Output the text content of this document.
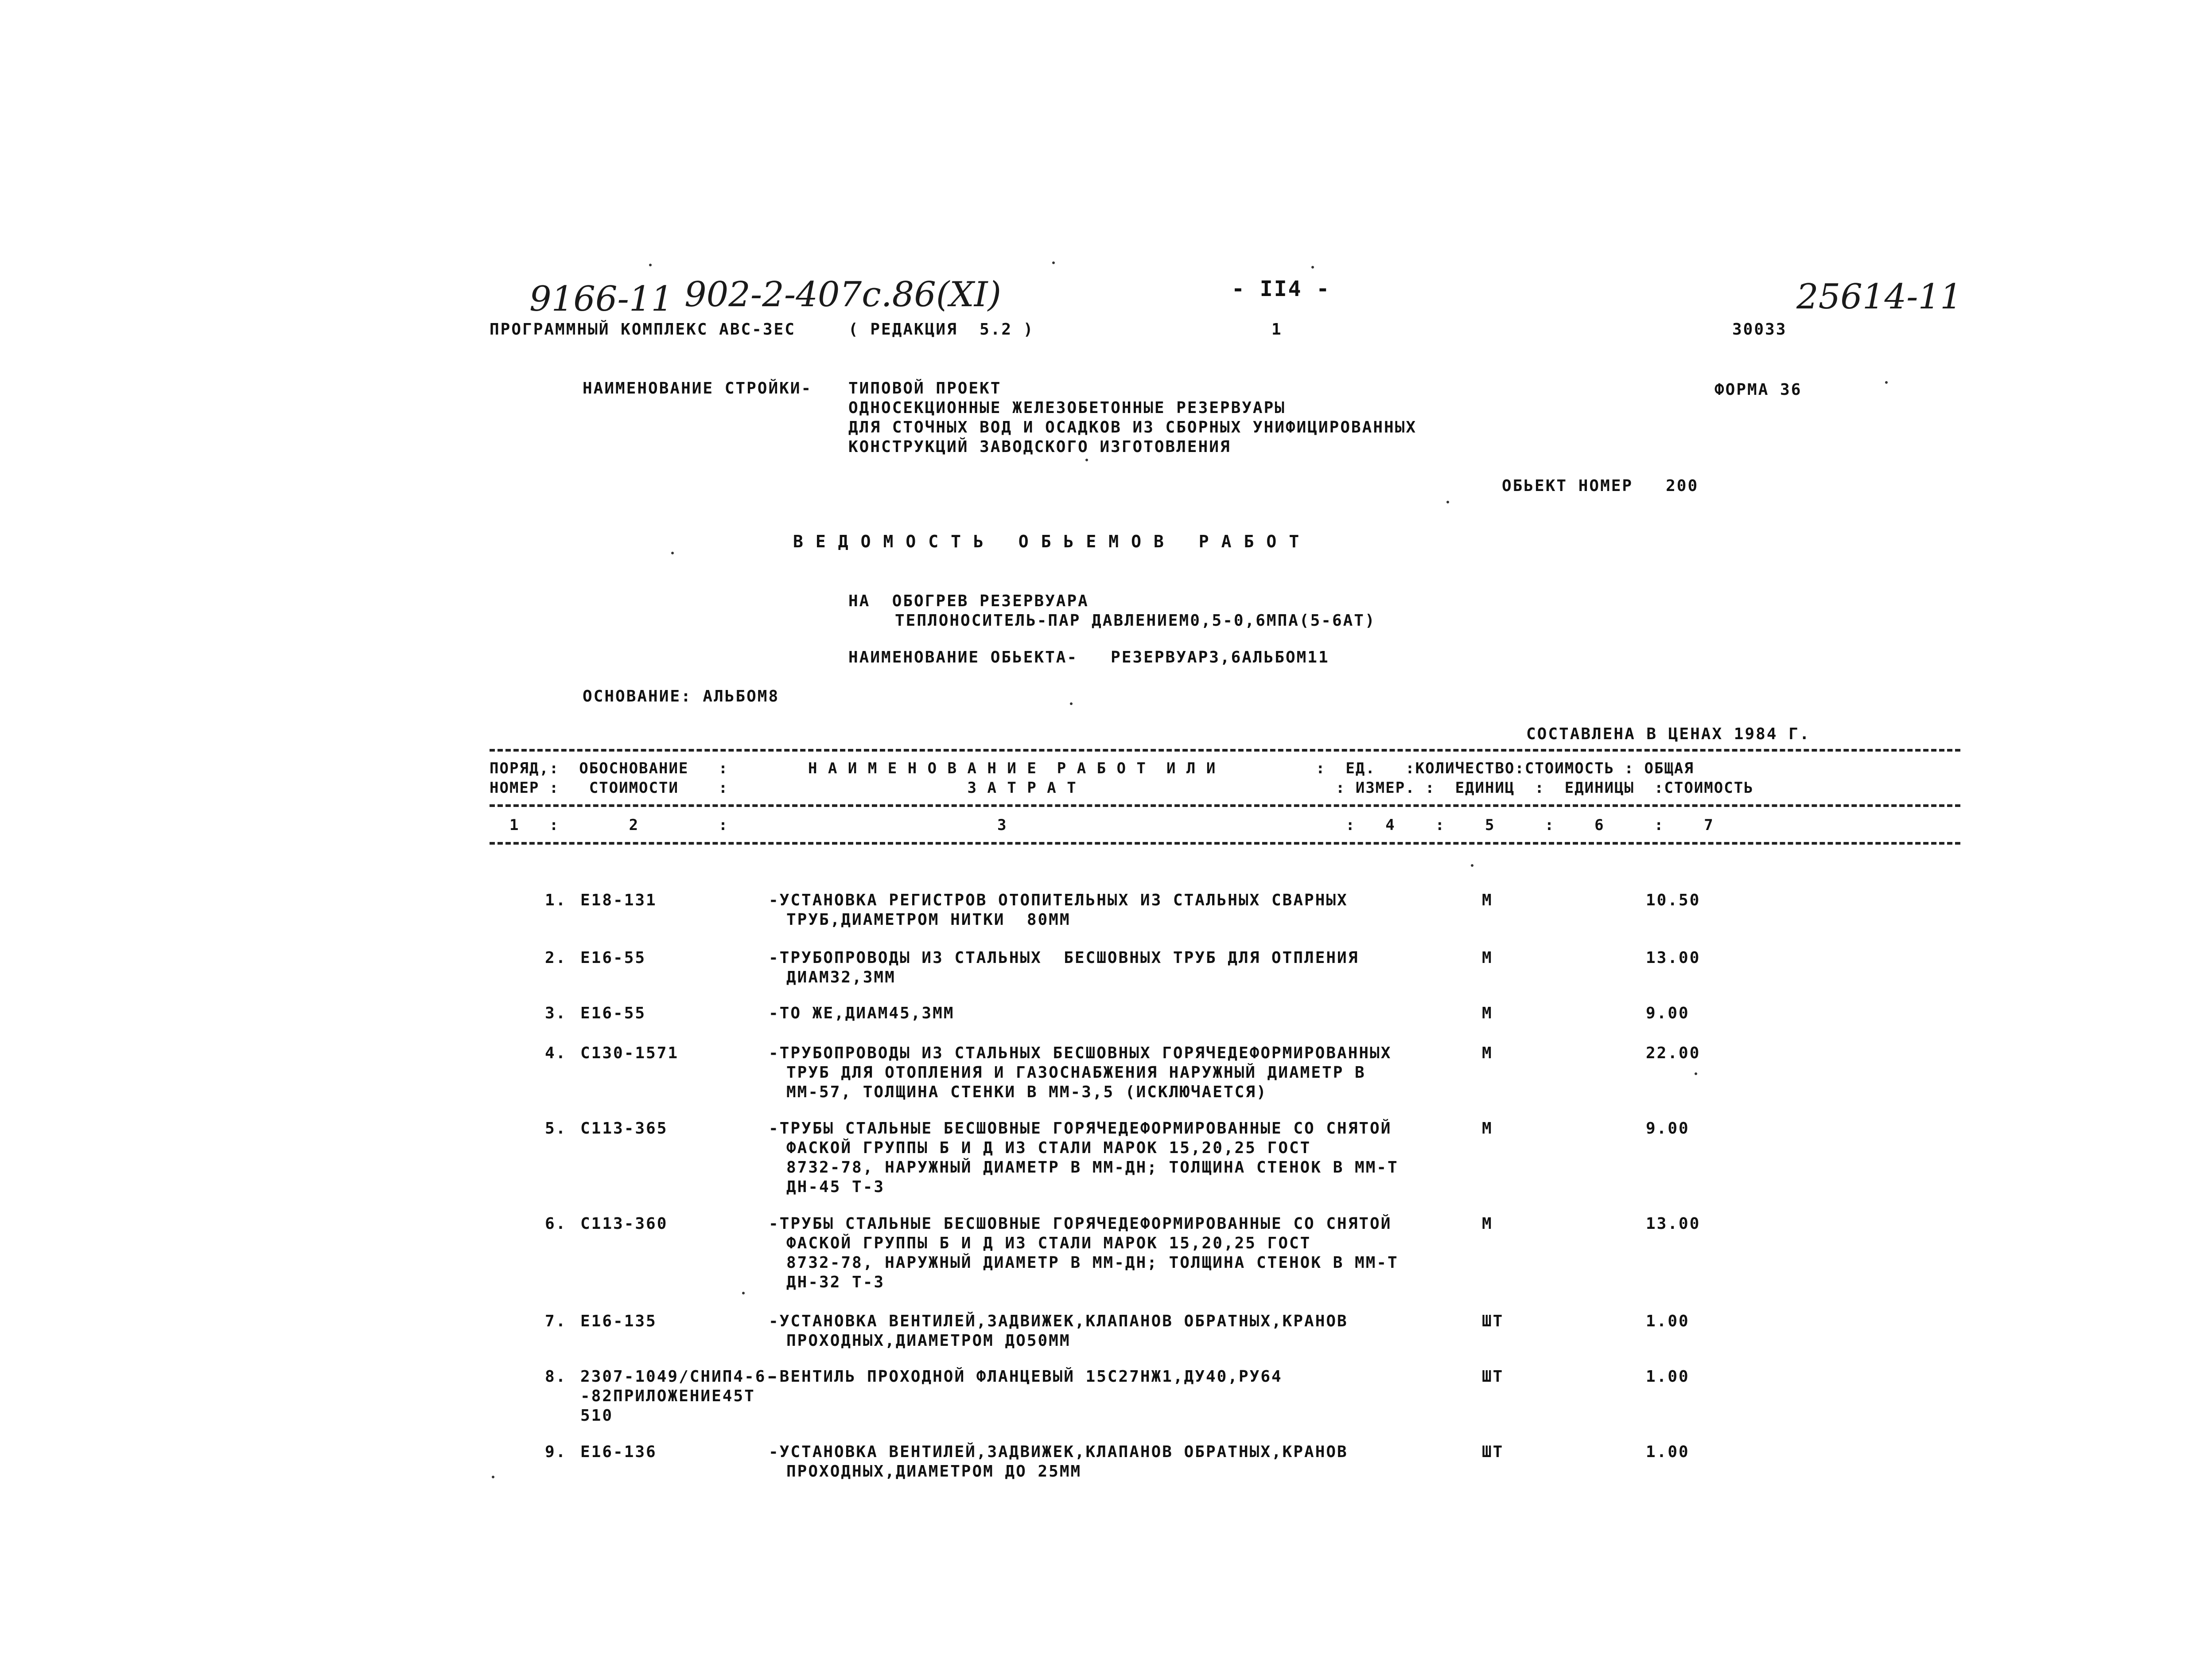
9166-11 902-2-407с.86(XI)	25614-11
- II4 -
ПРОГРАММНЫЙ КОМПЛЕКС АВС-ЗЕС	( РЕДАКЦИЯ  5.2 )	1	30033
ФОРМА 36
НАИМЕНОВАНИЕ СТРОЙКИ- ТИПОВОЙ ПРОЕКТ
ОДНОСЕКЦИОННЫЕ ЖЕЛЕЗОБЕТОННЫЕ РЕЗЕРВУАРЫ
ДЛЯ СТОЧНЫХ ВОД И ОСАДКОВ ИЗ СБОРНЫХ УНИФИЦИРОВАННЫХ
КОНСТРУКЦИЙ ЗАВОДСКОГО ИЗГОТОВЛЕНИЯ
ОБЬЕКТ НОМЕР   200
ВЕДОМОСТЬ ОБЬЕМОВ РАБОТ
НА  ОБОГРЕВ РЕЗЕРВУАРА
ТЕПЛОНОСИТЕЛЬ-ПАР ДАВЛЕНИЕМ0,5-0,6МПА(5-6АТ)
НАИМЕНОВАНИЕ ОБЬЕКТА-   РЕЗЕРВУАРЗ,6АЛЬБОМ11
ОСНОВАНИЕ: АЛЬБОМ8
СОСТАВЛЕНА В ЦЕНАХ 1984 Г.
ПОРЯД,:  ОБОСНОВАНИЕ   :        Н А И М Е Н О В А Н И Е  Р А Б О Т  И Л И          :  ЕД.   :КОЛИЧЕСТВО:СТОИМОСТЬ : ОБЩАЯ
НОМЕР :   СТОИМОСТИ    :                        З А Т Р А Т                          : ИЗМЕР. :  ЕДИНИЦ  :  ЕДИНИЦЫ  :СТОИМОСТЬ
1   :       2        :                           3                                  :   4    :    5     :    6     :    7
1. Е18-131	-УСТАНОВКА РЕГИСТРОВ ОТОПИТЕЛЬНЫХ ИЗ СТАЛЬНЫХ СВАРНЫХ
ТРУБ,ДИАМЕТРОМ НИТКИ  80ММ
М	10.50
2. Е16-55	-ТРУБОПРОВОДЫ ИЗ СТАЛЬНЫХ  БЕСШОВНЫХ ТРУБ ДЛЯ ОТПЛЕНИЯ
ДИАМ32,3ММ
М	13.00
3. Е16-55	-ТО ЖЕ,ДИАМ45,3ММ	М	9.00
4. С130-1571	-ТРУБОПРОВОДЫ ИЗ СТАЛЬНЫХ БЕСШОВНЫХ ГОРЯЧЕДЕФОРМИРОВАННЫХ
ТРУБ ДЛЯ ОТОПЛЕНИЯ И ГАЗОСНАБЖЕНИЯ НАРУЖНЫЙ ДИАМЕТР В
ММ-57, ТОЛЩИНА СТЕНКИ В ММ-3,5 (ИСКЛЮЧАЕТСЯ)
М	22.00
5. С113-365	-ТРУБЫ СТАЛЬНЫЕ БЕСШОВНЫЕ ГОРЯЧЕДЕФОРМИРОВАННЫЕ СО СНЯТОЙ
ФАСКОЙ ГРУППЫ Б И Д ИЗ СТАЛИ МАРОК 15,20,25 ГОСТ
8732-78, НАРУЖНЫЙ ДИАМЕТР В ММ-ДН; ТОЛЩИНА СТЕНОК В ММ-Т
ДН-45 Т-3
М	9.00
6. С113-360	-ТРУБЫ СТАЛЬНЫЕ БЕСШОВНЫЕ ГОРЯЧЕДЕФОРМИРОВАННЫЕ СО СНЯТОЙ
ФАСКОЙ ГРУППЫ Б И Д ИЗ СТАЛИ МАРОК 15,20,25 ГОСТ
8732-78, НАРУЖНЫЙ ДИАМЕТР В ММ-ДН; ТОЛЩИНА СТЕНОК В ММ-Т
ДН-32 Т-3
М	13.00
7. Е16-135	-УСТАНОВКА ВЕНТИЛЕЙ,ЗАДВИЖЕК,КЛАПАНОВ ОБРАТНЫХ,КРАНОВ
ПРОХОДНЫХ,ДИАМЕТРОМ ДО50ММ
ШТ	1.00
8. 2307-1049/СНИП4-6-
-82ПРИЛОЖЕНИЕ45Т
510
-ВЕНТИЛЬ ПРОХОДНОЙ ФЛАНЦЕВЫЙ 15С27НЖ1,ДУ40,РУ64	ШТ	1.00
9. Е16-136	-УСТАНОВКА ВЕНТИЛЕЙ,ЗАДВИЖЕК,КЛАПАНОВ ОБРАТНЫХ,КРАНОВ
ПРОХОДНЫХ,ДИАМЕТРОМ ДО 25ММ
ШТ	1.00
